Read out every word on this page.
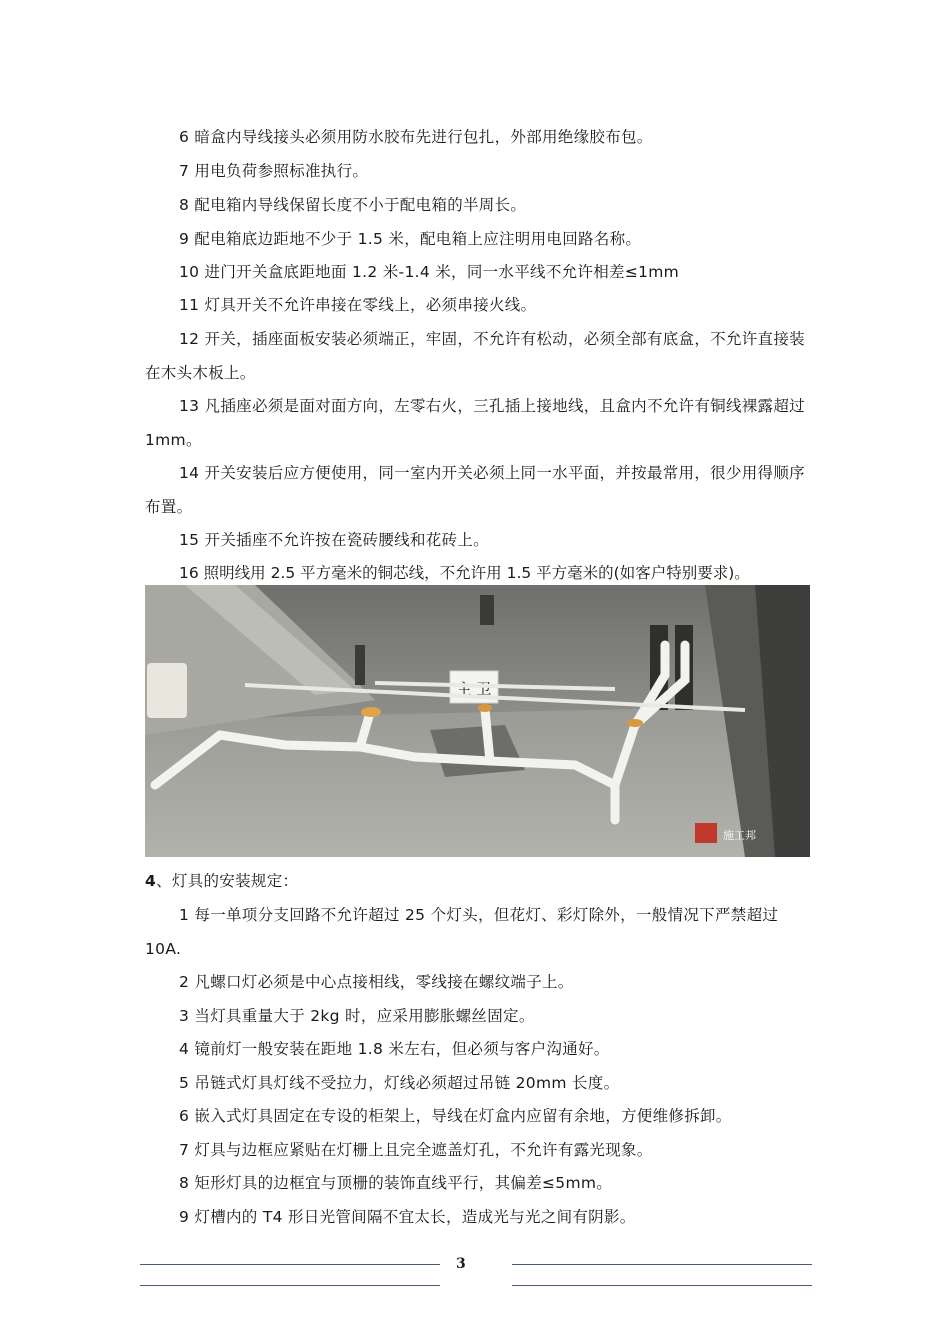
6 暗盒内导线接头必须用防水胶布先进行包扎，外部用绝缘胶布包。

7 用电负荷参照标准执行。

8 配电箱内导线保留长度不小于配电箱的半周长。

9 配电箱底边距地不少于 1.5 米，配电箱上应注明用电回路名称。

10 进门开关盒底距地面 1.2 米-1.4 米，同一水平线不允许相差≤1mm

11 灯具开关不允许串接在零线上，必须串接火线。

12 开关，插座面板安装必须端正，牢固，不允许有松动，必须全部有底盒，不允许直接装在木头木板上。

13 凡插座必须是面对面方向，左零右火，三孔插上接地线，且盒内不允许有铜线裸露超过 1mm。

14 开关安装后应方便使用，同一室内开关必须上同一水平面，并按最常用，很少用得顺序布置。

15 开关插座不允许按在瓷砖腰线和花砖上。

16 照明线用 2.5 平方毫米的铜芯线，不允许用 1.5 平方毫米的(如客户特别要求)。

主 卫
施工邦

4、灯具的安装规定：

1 每一单项分支回路不允许超过 25 个灯头，但花灯、彩灯除外，一般情况下严禁超过 10A.

2 凡螺口灯必须是中心点接相线，零线接在螺纹端子上。

3 当灯具重量大于 2kg 时，应采用膨胀螺丝固定。

4 镜前灯一般安装在距地 1.8 米左右，但必须与客户沟通好。

5 吊链式灯具灯线不受拉力，灯线必须超过吊链 20mm 长度。

6 嵌入式灯具固定在专设的柜架上，导线在灯盒内应留有余地，方便维修拆卸。

7 灯具与边框应紧贴在灯栅上且完全遮盖灯孔，不允许有露光现象。

8 矩形灯具的边框宜与顶栅的装饰直线平行，其偏差≤5mm。

9 灯槽内的 T4 形日光管间隔不宜太长，造成光与光之间有阴影。

3
